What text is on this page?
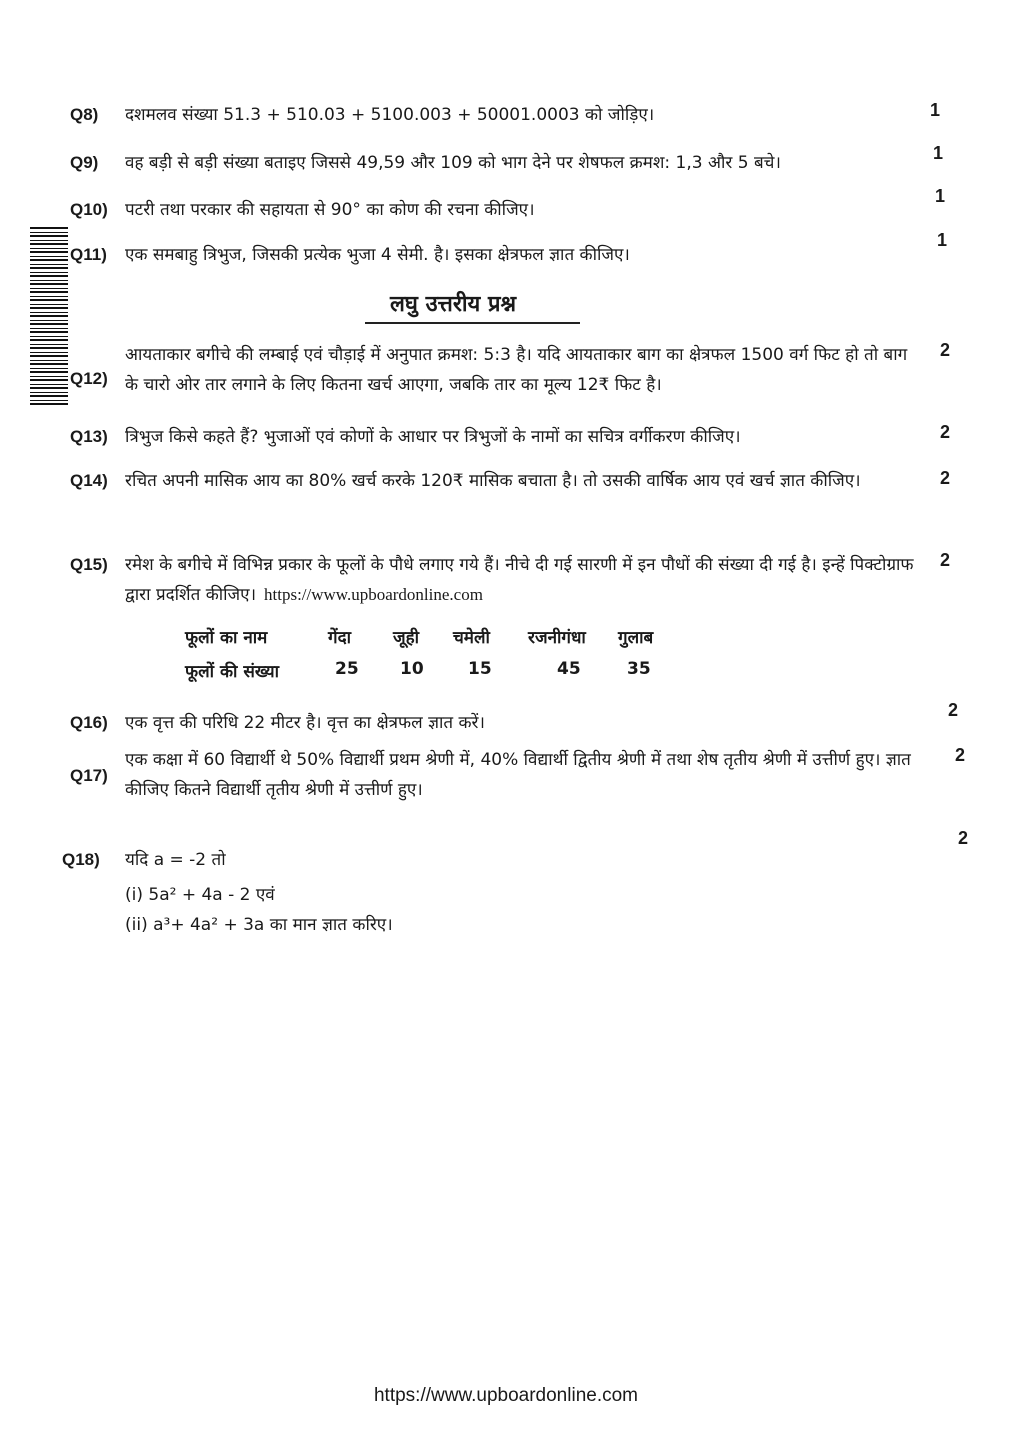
Q8) दशमलव संख्या 51.3 + 510.03 + 5100.003 + 50001.0003 को जोड़िए।	1
Q9) वह बड़ी से बड़ी संख्या बताइए जिससे 49,59 और 109 को भाग देने पर शेषफल क्रमश: 1,3 और 5 बचे।	1
Q10) पटरी तथा परकार की सहायता से 90° का कोण की रचना कीजिए।
1
Q11) एक समबाहु त्रिभुज, जिसकी प्रत्येक भुजा 4 सेमी. है। इसका क्षेत्रफल ज्ञात कीजिए।
1
लघु उत्तरीय प्रश्न
Q12)
आयताकार बगीचे की लम्बाई एवं चौड़ाई में अनुपात क्रमश: 5:3 है। यदि आयताकार बाग का क्षेत्रफल 1500 वर्ग फिट हो तो बाग के चारो ओर तार लगाने के लिए कितना खर्च आएगा, जबकि तार का मूल्य 12₹ फिट है।
2
Q13) त्रिभुज किसे कहते हैं? भुजाओं एवं कोणों के आधार पर त्रिभुजों के नामों का सचित्र वर्गीकरण कीजिए।	2
Q14) रचित अपनी मासिक आय का 80% खर्च करके 120₹ मासिक बचाता है। तो उसकी वार्षिक आय एवं खर्च ज्ञात कीजिए।	2
Q15) रमेश के बगीचे में विभिन्न प्रकार के फूलों के पौधे लगाए गये हैं। नीचे दी गई सारणी में इन पौधों की संख्या दी गई है। इन्हें पिक्टोग्राफ द्वारा प्रदर्शित कीजिए। https://www.upboardonline.com
2
फूलों का नाम	गेंदा जूही चमेली रजनीगंधा गुलाब
फूलों की संख्या	25 10	15	45	35
Q16) एक वृत्त की परिधि 22 मीटर है। वृत्त का क्षेत्रफल ज्ञात करें।
2
Q17)
एक कक्षा में 60 विद्यार्थी थे 50% विद्यार्थी प्रथम श्रेणी में, 40% विद्यार्थी द्वितीय श्रेणी में तथा शेष तृतीय श्रेणी में उत्तीर्ण हुए। ज्ञात कीजिए कितने विद्यार्थी तृतीय श्रेणी में उत्तीर्ण हुए।
2
Q18) यदि a = -2 तो
2
(i) 5a² + 4a - 2 एवं
(ii) a³+ 4a² + 3a का मान ज्ञात करिए।
https://www.upboardonline.com
